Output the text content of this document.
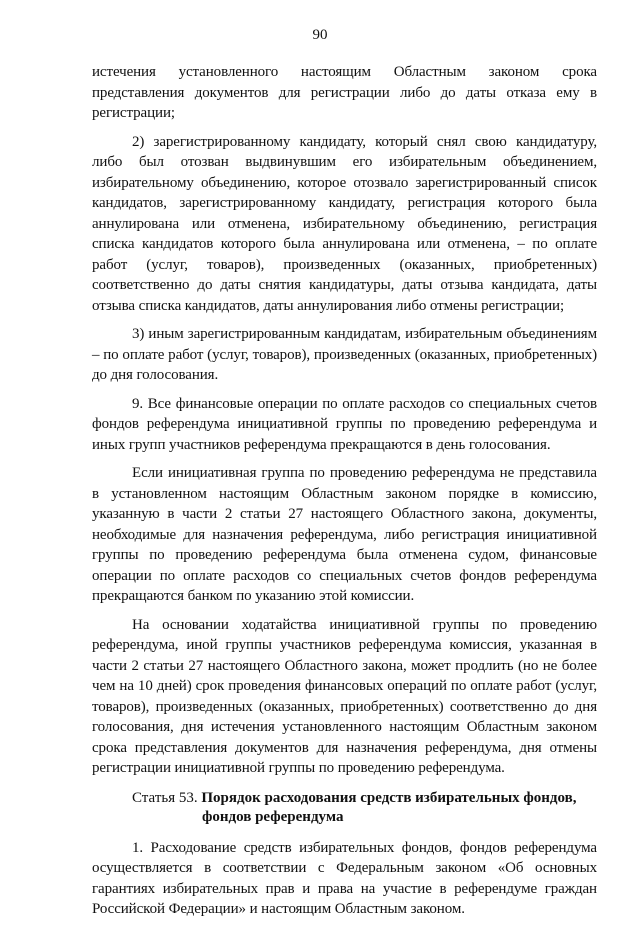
90

истечения установленного настоящим Областным законом срока представления документов для регистрации либо до даты отказа ему в регистрации;

2) зарегистрированному кандидату, который снял свою кандидатуру, либо был отозван выдвинувшим его избирательным объединением, избирательному объединению, которое отозвало зарегистрированный список кандидатов, зарегистрированному кандидату, регистрация которого была аннулирована или отменена, избирательному объединению, регистрация списка кандидатов которого была аннулирована или отменена, – по оплате работ (услуг, товаров), произведенных (оказанных, приобретенных) соответственно до даты снятия кандидатуры, даты отзыва кандидата, даты отзыва списка кандидатов, даты аннулирования либо отмены регистрации;

3) иным зарегистрированным кандидатам, избирательным объединениям – по оплате работ (услуг, товаров), произведенных (оказанных, приобретенных) до дня голосования.

9. Все финансовые операции по оплате расходов со специальных счетов фондов референдума инициативной группы по проведению референдума и иных групп участников референдума прекращаются в день голосования.

Если инициативная группа по проведению референдума не представила в установленном настоящим Областным законом порядке в комиссию, указанную в части 2 статьи 27 настоящего Областного закона, документы, необходимые для назначения референдума, либо регистрация инициативной группы по проведению референдума была отменена судом, финансовые операции по оплате расходов со специальных счетов фондов референдума прекращаются банком по указанию этой комиссии.

На основании ходатайства инициативной группы по проведению референдума, иной группы участников референдума комиссия, указанная в части 2 статьи 27 настоящего Областного закона, может продлить (но не более чем на 10 дней) срок проведения финансовых операций по оплате работ (услуг, товаров), произведенных (оказанных, приобретенных) соответственно до дня голосования, дня истечения установленного настоящим Областным законом срока представления документов для назначения референдума, дня отмены регистрации инициативной группы по проведению референдума.

Статья 53. Порядок расходования средств избирательных фондов,
фондов референдума

1. Расходование средств избирательных фондов, фондов референдума осуществляется в соответствии с Федеральным законом «Об основных гарантиях избирательных прав и права на участие в референдуме граждан Российской Федерации» и настоящим Областным законом.
